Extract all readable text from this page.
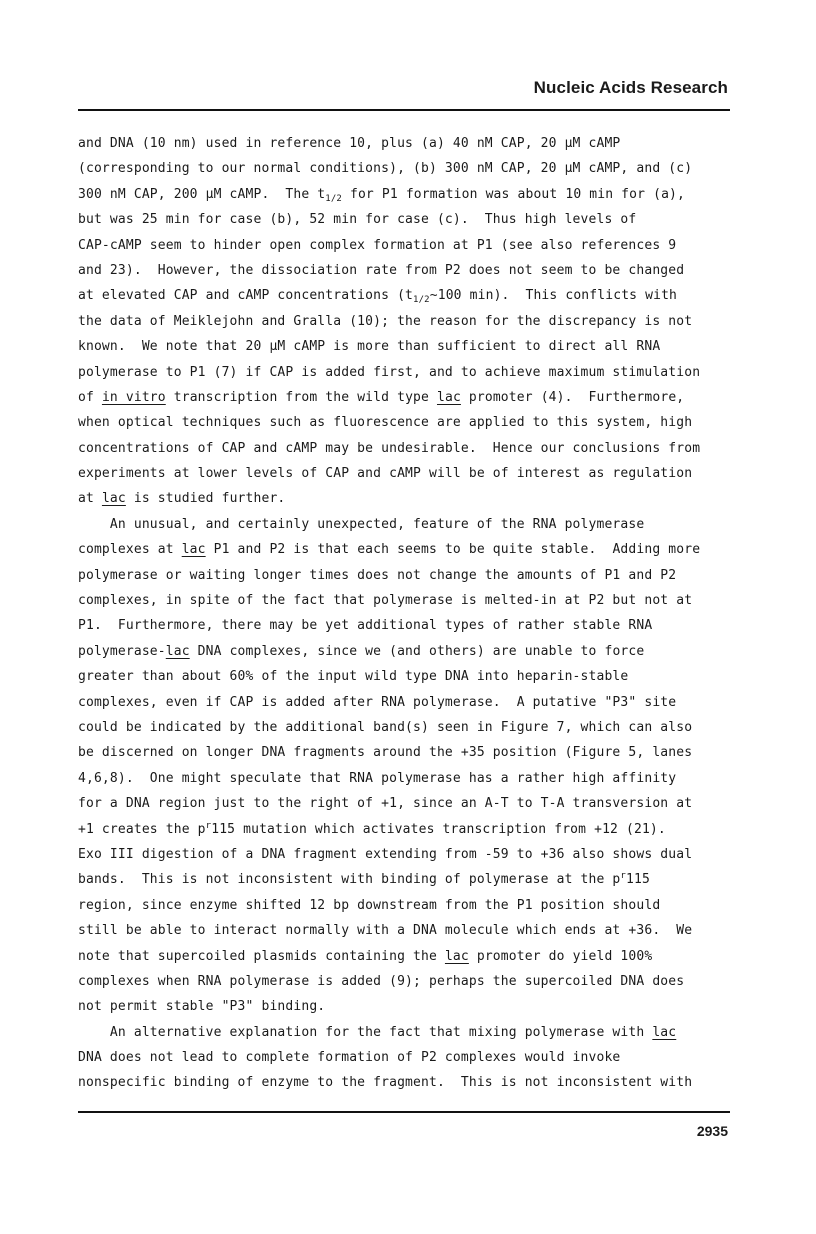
Nucleic Acids Research
and DNA (10 nm) used in reference 10, plus (a) 40 nM CAP, 20 µM cAMP
(corresponding to our normal conditions), (b) 300 nM CAP, 20 µM cAMP, and (c)
300 nM CAP, 200 µM cAMP.  The $t_{1/2}$ for P1 formation was about 10 min for (a),
but was 25 min for case (b), 52 min for case (c).  Thus high levels of
CAP-cAMP seem to hinder open complex formation at P1 (see also references 9
and 23).  However, the dissociation rate from P2 does not seem to be changed
at elevated CAP and cAMP concentrations ($t_{1/2}\sim 100$ min).  This conflicts with
the data of Meiklejohn and Gralla (10); the reason for the discrepancy is not
known.  We note that 20 µM cAMP is more than sufficient to direct all RNA
polymerase to P1 (7) if CAP is added first, and to achieve maximum stimulation
of in vitro transcription from the wild type lac promoter (4).  Furthermore,
when optical techniques such as fluorescence are applied to this system, high
concentrations of CAP and cAMP may be undesirable.  Hence our conclusions from
experiments at lower levels of CAP and cAMP will be of interest as regulation
at lac is studied further.
An unusual, and certainly unexpected, feature of the RNA polymerase
complexes at lac P1 and P2 is that each seems to be quite stable.  Adding more
polymerase or waiting longer times does not change the amounts of P1 and P2
complexes, in spite of the fact that polymerase is melted-in at P2 but not at
P1.  Furthermore, there may be yet additional types of rather stable RNA
polymerase-lac DNA complexes, since we (and others) are unable to force
greater than about 60% of the input wild type DNA into heparin-stable
complexes, even if CAP is added after RNA polymerase.  A putative "P3" site
could be indicated by the additional band(s) seen in Figure 7, which can also
be discerned on longer DNA fragments around the +35 position (Figure 5, lanes
4,6,8).  One might speculate that RNA polymerase has a rather high affinity
for a DNA region just to the right of +1, since an A-T to T-A transversion at
+1 creates the $p^r115$ mutation which activates transcription from +12 (21).
Exo III digestion of a DNA fragment extending from -59 to +36 also shows dual
bands.  This is not inconsistent with binding of polymerase at the $p^r115$
region, since enzyme shifted 12 bp downstream from the P1 position should
still be able to interact normally with a DNA molecule which ends at +36.  We
note that supercoiled plasmids containing the lac promoter do yield 100%
complexes when RNA polymerase is added (9); perhaps the supercoiled DNA does
not permit stable "P3" binding.
An alternative explanation for the fact that mixing polymerase with lac
DNA does not lead to complete formation of P2 complexes would invoke
nonspecific binding of enzyme to the fragment.  This is not inconsistent with
2935
